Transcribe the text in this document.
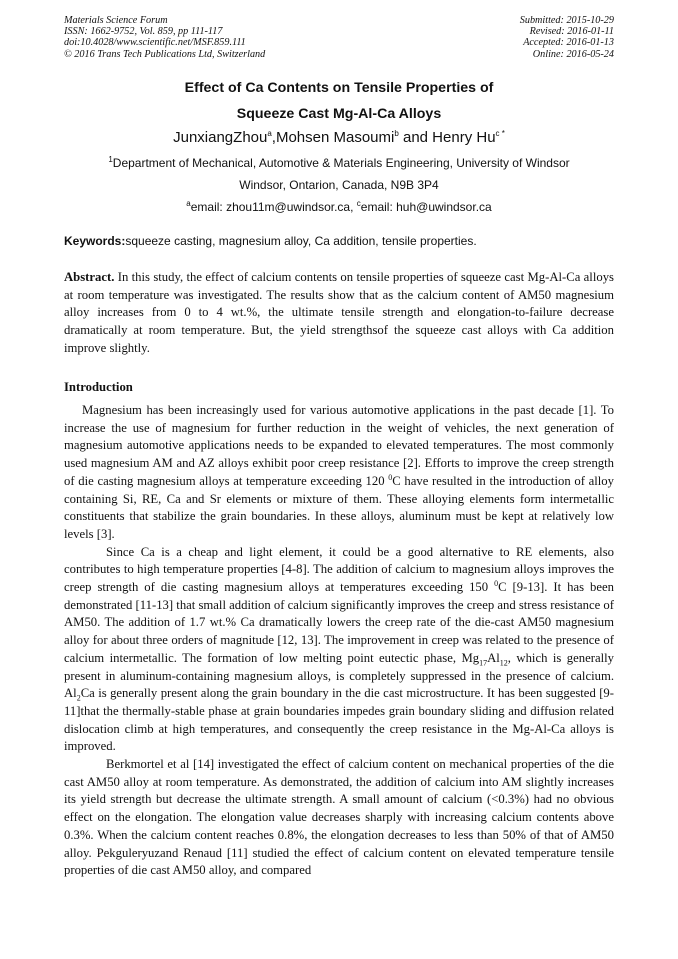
Materials Science Forum
ISSN: 1662-9752, Vol. 859, pp 111-117
doi:10.4028/www.scientific.net/MSF.859.111
© 2016 Trans Tech Publications Ltd, Switzerland
Submitted: 2015-10-29
Revised: 2016-01-11
Accepted: 2016-01-13
Online: 2016-05-24
Effect of Ca Contents on Tensile Properties of
Squeeze Cast Mg-Al-Ca Alloys
JunxiangZhou$^a$,Mohsen Masoumi$^b$ and Henry $Hu^{c *}$
$^1$Department of Mechanical, Automotive & Materials Engineering, University of Windsor
Windsor, Ontarion, Canada, N9B 3P4
$^a$email: zhou11m@uwindsor.ca, $^c$email: huh@uwindsor.ca
Keywords:squeeze casting, magnesium alloy, Ca addition, tensile properties.

Abstract. In this study, the effect of calcium contents on tensile properties of squeeze cast Mg-Al-Ca alloys at room temperature was investigated. The results show that as the calcium content of AM50 magnesium alloy increases from 0 to 4 wt.%, the ultimate tensile strength and elongation-to-failure decrease dramatically at room temperature. But, the yield strengthsof the squeeze cast alloys with Ca addition improve slightly.

Introduction

Magnesium has been increasingly used for various automotive applications in the past decade [1]. To increase the use of magnesium for further reduction in the weight of vehicles, the next generation of magnesium automotive applications needs to be expanded to elevated temperatures. The most commonly used magnesium AM and AZ alloys exhibit poor creep resistance [2]. Efforts to improve the creep strength of die casting magnesium alloys at temperature exceeding 120 $^0$C have resulted in the introduction of alloy containing Si, RE, Ca and Sr elements or mixture of them. These alloying elements form intermetallic constituents that stabilize the grain boundaries. In these alloys, aluminum must be kept at relatively low levels [3].

Since Ca is a cheap and light element, it could be a good alternative to RE elements, also contributes to high temperature properties [4-8]. The addition of calcium to magnesium alloys improves the creep strength of die casting magnesium alloys at temperatures exceeding 150 $^0$C [9-13]. It has been demonstrated [11-13] that small addition of calcium significantly improves the creep and stress resistance of AM50. The addition of 1.7 wt.% Ca dramatically lowers the creep rate of the die-cast AM50 magnesium alloy for about three orders of magnitude [12, 13]. The improvement in creep was related to the presence of calcium intermetallic. The formation of low melting point eutectic phase, $Mg_{17}Al_{12}$, which is generally present in aluminum-containing magnesium alloys, is completely suppressed in the presence of calcium. $Al_2Ca$ is generally present along the grain boundary in the die cast microstructure. It has been suggested [9-11]that the thermally-stable phase at grain boundaries impedes grain boundary sliding and diffusion related dislocation climb at high temperatures, and consequently the creep resistance in the Mg-Al-Ca alloys is improved.

Berkmortel et al [14] investigated the effect of calcium content on mechanical properties of the die cast AM50 alloy at room temperature. As demonstrated, the addition of calcium into AM slightly increases its yield strength but decrease the ultimate strength. A small amount of calcium (<0.3%) had no obvious effect on the elongation. The elongation value decreases sharply with increasing calcium contents above 0.3%. When the calcium content reaches 0.8%, the elongation decreases to less than 50% of that of AM50 alloy. Pekguleryuzand Renaud [11] studied the effect of calcium content on elevated temperature tensile properties of die cast AM50 alloy, and compared
